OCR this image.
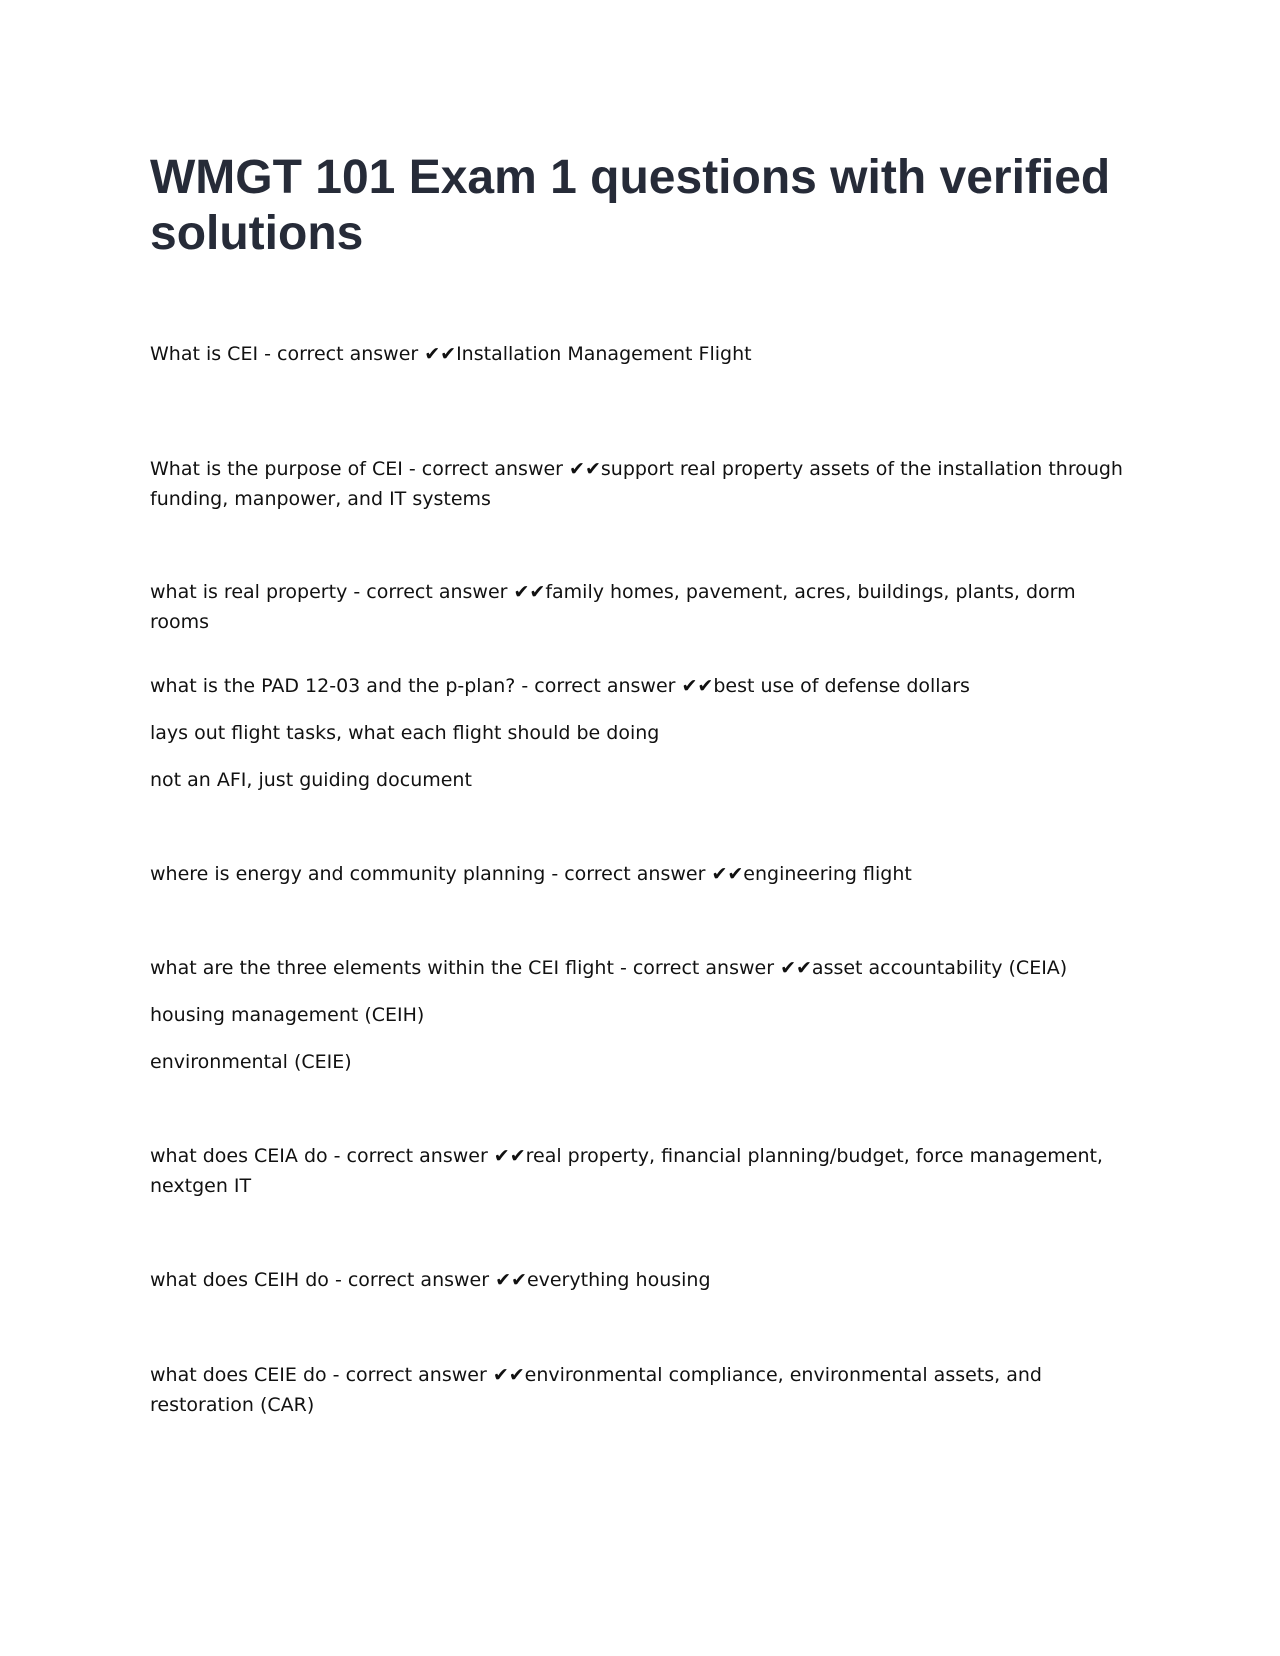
WMGT 101 Exam 1 questions with verified solutions

What is CEI - correct answer ✔✔Installation Management Flight

What is the purpose of CEI - correct answer ✔✔support real property assets of the installation through funding, manpower, and IT systems

what is real property - correct answer ✔✔family homes, pavement, acres, buildings, plants, dorm rooms

what is the PAD 12-03 and the p-plan? - correct answer ✔✔best use of defense dollars

lays out flight tasks, what each flight should be doing

not an AFI, just guiding document

where is energy and community planning - correct answer ✔✔engineering flight

what are the three elements within the CEI flight - correct answer ✔✔asset accountability (CEIA)

housing management (CEIH)

environmental (CEIE)

what does CEIA do - correct answer ✔✔real property, financial planning/budget, force management, nextgen IT

what does CEIH do - correct answer ✔✔everything housing

what does CEIE do - correct answer ✔✔environmental compliance, environmental assets, and restoration (CAR)
